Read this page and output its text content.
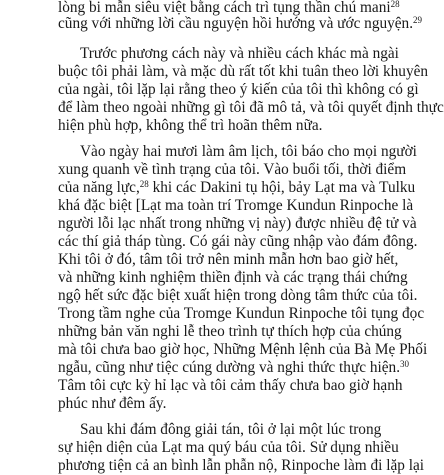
lòng bi mẫn siêu việt bằng cách trì tụng thần chú mani$^{28}$
cũng với những lời cầu nguyện hồi hướng và ước nguyện.$^{29}$
Trước phương cách này và nhiều cách khác mà ngài
buộc tôi phải làm, và mặc dù rất tốt khi tuân theo lời khuyên
của ngài, tôi lặp lại rằng theo ý kiến của tôi thì không có gì
để làm theo ngoài những gì tôi đã mô tả, và tôi quyết định thực
hiện phù hợp, không thể trì hoãn thêm nữa.
Vào ngày hai mươi làm âm lịch, tôi báo cho mọi người
xung quanh về tình trạng của tôi. Vào buổi tối, thời điểm
của năng lực,$^{28}$ khi các Dakini tụ hội, bảy Lạt ma và Tulku
khá đặc biệt [Lạt ma toàn trí Tromge Kundun Rinpoche là
người lỗi lạc nhất trong những vị này) được nhiều đệ tử và
các thí giả tháp tùng. Có gái này cũng nhập vào đám đông.
Khi tôi ở đó, tâm tôi trở nên minh mẫn hơn bao giờ hết,
và những kinh nghiệm thiền định và các trạng thái chứng
ngộ hết sức đặc biệt xuất hiện trong dòng tâm thức của tôi.
Trong tầm nghe của Tromge Kundun Rinpoche tôi tụng đọc
những bản văn nghi lễ theo trình tự thích hợp của chúng
mà tôi chưa bao giờ học, Những Mệnh lệnh của Bà Mẹ Phối
ngẫu, cũng như tiệc cúng dường và nghi thức thực hiện.$^{30}$
Tâm tôi cực kỳ hỉ lạc và tôi cảm thấy chưa bao giờ hạnh
phúc như đêm ấy.
Sau khi đám đông giải tán, tôi ở lại một lúc trong
sự hiện diện của Lạt ma quý báu của tôi. Sử dụng nhiều
phương tiện cả an bình lẫn phẫn nộ, Rinpoche làm đi lặp lại
